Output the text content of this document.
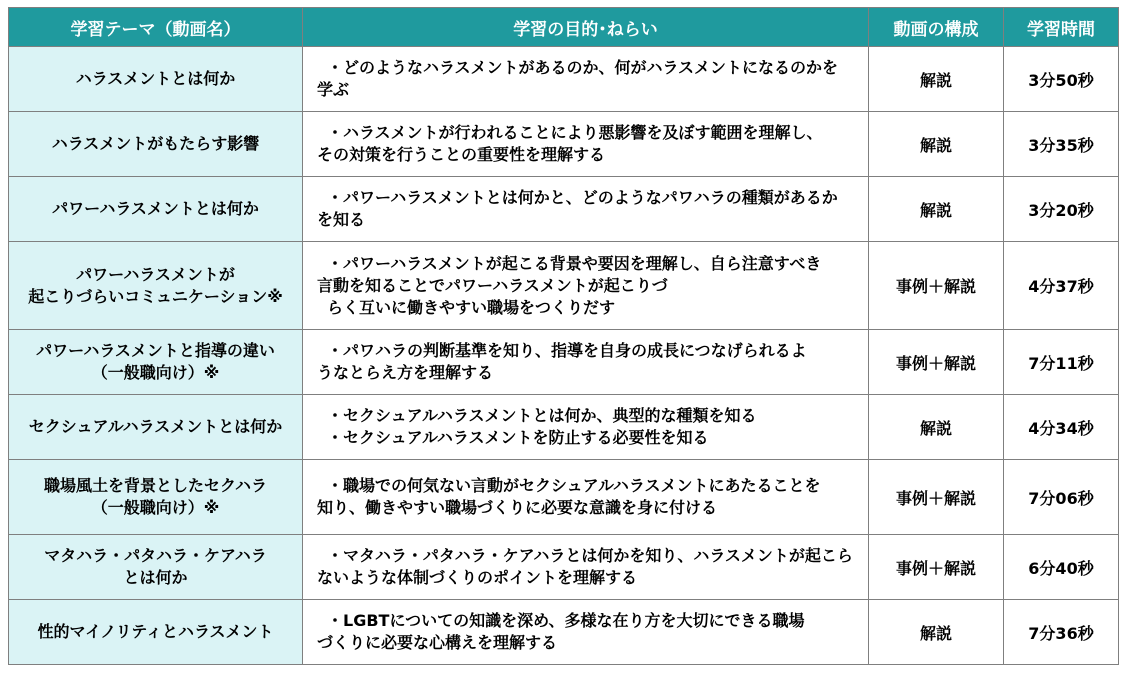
学習テーマ（動画名）	学習の目的･ねらい	動画の構成	学習時間

ハラスメントとは何か	・どのようなハラスメントがあるのか、何がハラスメントになるのかを
学ぶ	解説	3分50秒

ハラスメントがもたらす影響	・ハラスメントが行われることにより悪影響を及ぼす範囲を理解し、
その対策を行うことの重要性を理解する	解説	3分35秒

パワーハラスメントとは何か	・パワーハラスメントとは何かと、どのようなパワハラの種類があるか
を知る	解説	3分20秒

パワーハラスメントが
起こりづらいコミュニケーション※	・パワーハラスメントが起こる背景や要因を理解し、自ら注意すべき
言動を知ることでパワーハラスメントが起こりづ
らく互いに働きやすい職場をつくりだす	事例＋解説	4分37秒

パワーハラスメントと指導の違い
（一般職向け）※	・パワハラの判断基準を知り、指導を自身の成長につなげられるよ
うなとらえ方を理解する	事例＋解説	7分11秒

セクシュアルハラスメントとは何か	・セクシュアルハラスメントとは何か、典型的な種類を知る
・セクシュアルハラスメントを防止する必要性を知る	解説	4分34秒

職場風土を背景としたセクハラ
（一般職向け）※	・職場での何気ない言動がセクシュアルハラスメントにあたることを
知り、働きやすい職場づくりに必要な意識を身に付ける	事例＋解説	7分06秒

マタハラ・パタハラ・ケアハラ
とは何か	・マタハラ・パタハラ・ケアハラとは何かを知り、ハラスメントが起こら
ないような体制づくりのポイントを理解する	事例＋解説	6分40秒

性的マイノリティとハラスメント	・LGBTについての知識を深め、多様な在り方を大切にできる職場
づくりに必要な心構えを理解する	解説	7分36秒
